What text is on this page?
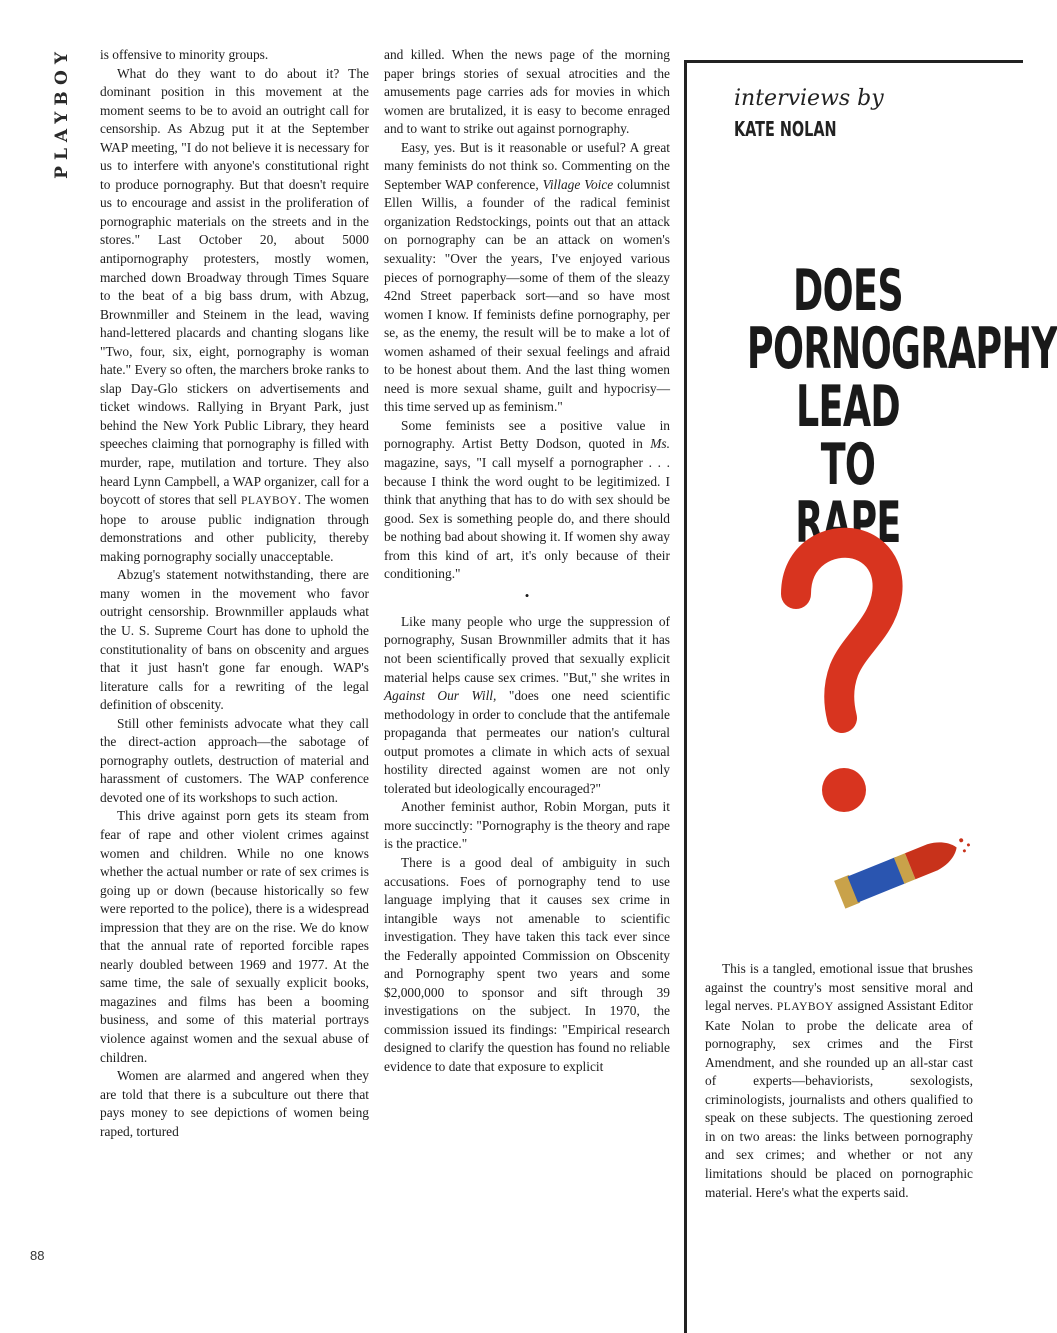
PLAYBOY
88

is offensive to minority groups.

What do they want to do about it? The dominant position in this movement at the moment seems to be to avoid an outright call for censorship. As Abzug put it at the September WAP meeting, "I do not believe it is necessary for us to interfere with anyone's constitutional right to produce pornography. But that doesn't require us to encourage and assist in the proliferation of pornographic materials on the streets and in the stores." Last October 20, about 5000 antipornography protesters, mostly women, marched down Broadway through Times Square to the beat of a big bass drum, with Abzug, Brownmiller and Steinem in the lead, waving hand-lettered placards and chanting slogans like "Two, four, six, eight, pornography is woman hate." Every so often, the marchers broke ranks to slap Day-Glo stickers on advertisements and ticket windows. Rallying in Bryant Park, just behind the New York Public Library, they heard speeches claiming that pornography is filled with murder, rape, mutilation and torture. They also heard Lynn Campbell, a WAP organizer, call for a boycott of stores that sell PLAYBOY. The women hope to arouse public indignation through demonstrations and other publicity, thereby making pornography socially unacceptable.

Abzug's statement notwithstanding, there are many women in the movement who favor outright censorship. Brownmiller applauds what the U. S. Supreme Court has done to uphold the constitutionality of bans on obscenity and argues that it just hasn't gone far enough. WAP's literature calls for a rewriting of the legal definition of obscenity.

Still other feminists advocate what they call the direct-action approach—the sabotage of pornography outlets, destruction of material and harassment of customers. The WAP conference devoted one of its workshops to such action.

This drive against porn gets its steam from fear of rape and other violent crimes against women and children. While no one knows whether the actual number or rate of sex crimes is going up or down (because historically so few were reported to the police), there is a widespread impression that they are on the rise. We do know that the annual rate of reported forcible rapes nearly doubled between 1969 and 1977. At the same time, the sale of sexually explicit books, magazines and films has been a booming business, and some of this material portrays violence against women and the sexual abuse of children.

Women are alarmed and angered when they are told that there is a subculture out there that pays money to see depictions of women being raped, tortured

and killed. When the news page of the morning paper brings stories of sexual atrocities and the amusements page carries ads for movies in which women are brutalized, it is easy to become enraged and to want to strike out against pornography.

Easy, yes. But is it reasonable or useful? A great many feminists do not think so. Commenting on the September WAP conference, Village Voice columnist Ellen Willis, a founder of the radical feminist organization Redstockings, points out that an attack on pornography can be an attack on women's sexuality: "Over the years, I've enjoyed various pieces of pornography—some of them of the sleazy 42nd Street paperback sort—and so have most women I know. If feminists define pornography, per se, as the enemy, the result will be to make a lot of women ashamed of their sexual feelings and afraid to be honest about them. And the last thing women need is more sexual shame, guilt and hypocrisy—this time served up as feminism."

Some feminists see a positive value in pornography. Artist Betty Dodson, quoted in Ms. magazine, says, "I call myself a pornographer . . . because I think the word ought to be legitimized. I think that anything that has to do with sex should be good. Sex is something people do, and there should be nothing bad about showing it. If women shy away from this kind of art, it's only because of their conditioning."

•

Like many people who urge the suppression of pornography, Susan Brownmiller admits that it has not been scientifically proved that sexually explicit material helps cause sex crimes. "But," she writes in Against Our Will, "does one need scientific methodology in order to conclude that the antifemale propaganda that permeates our nation's cultural output promotes a climate in which acts of sexual hostility directed against women are not only tolerated but ideologically encouraged?"

Another feminist author, Robin Morgan, puts it more succinctly: "Pornography is the theory and rape is the practice."

There is a good deal of ambiguity in such accusations. Foes of pornography tend to use language implying that it causes sex crime in intangible ways not amenable to scientific investigation. They have taken this tack ever since the Federally appointed Commission on Obscenity and Pornography spent two years and some $2,000,000 to sponsor and sift through 39 investigations on the subject. In 1970, the commission issued its findings: "Empirical research designed to clarify the question has found no reliable evidence to date that exposure to explicit

interviews by
KATE NOLAN
DOES
PORNOGRAPHY
LEAD
TO
RAPE

This is a tangled, emotional issue that brushes against the country's most sensitive moral and legal nerves. PLAYBOY assigned Assistant Editor Kate Nolan to probe the delicate area of pornography, sex crimes and the First Amendment, and she rounded up an all-star cast of experts—behaviorists, sexologists, criminologists, journalists and others qualified to speak on these subjects. The questioning zeroed in on two areas: the links between pornography and sex crimes; and whether or not any limitations should be placed on pornographic material. Here's what the experts said.
